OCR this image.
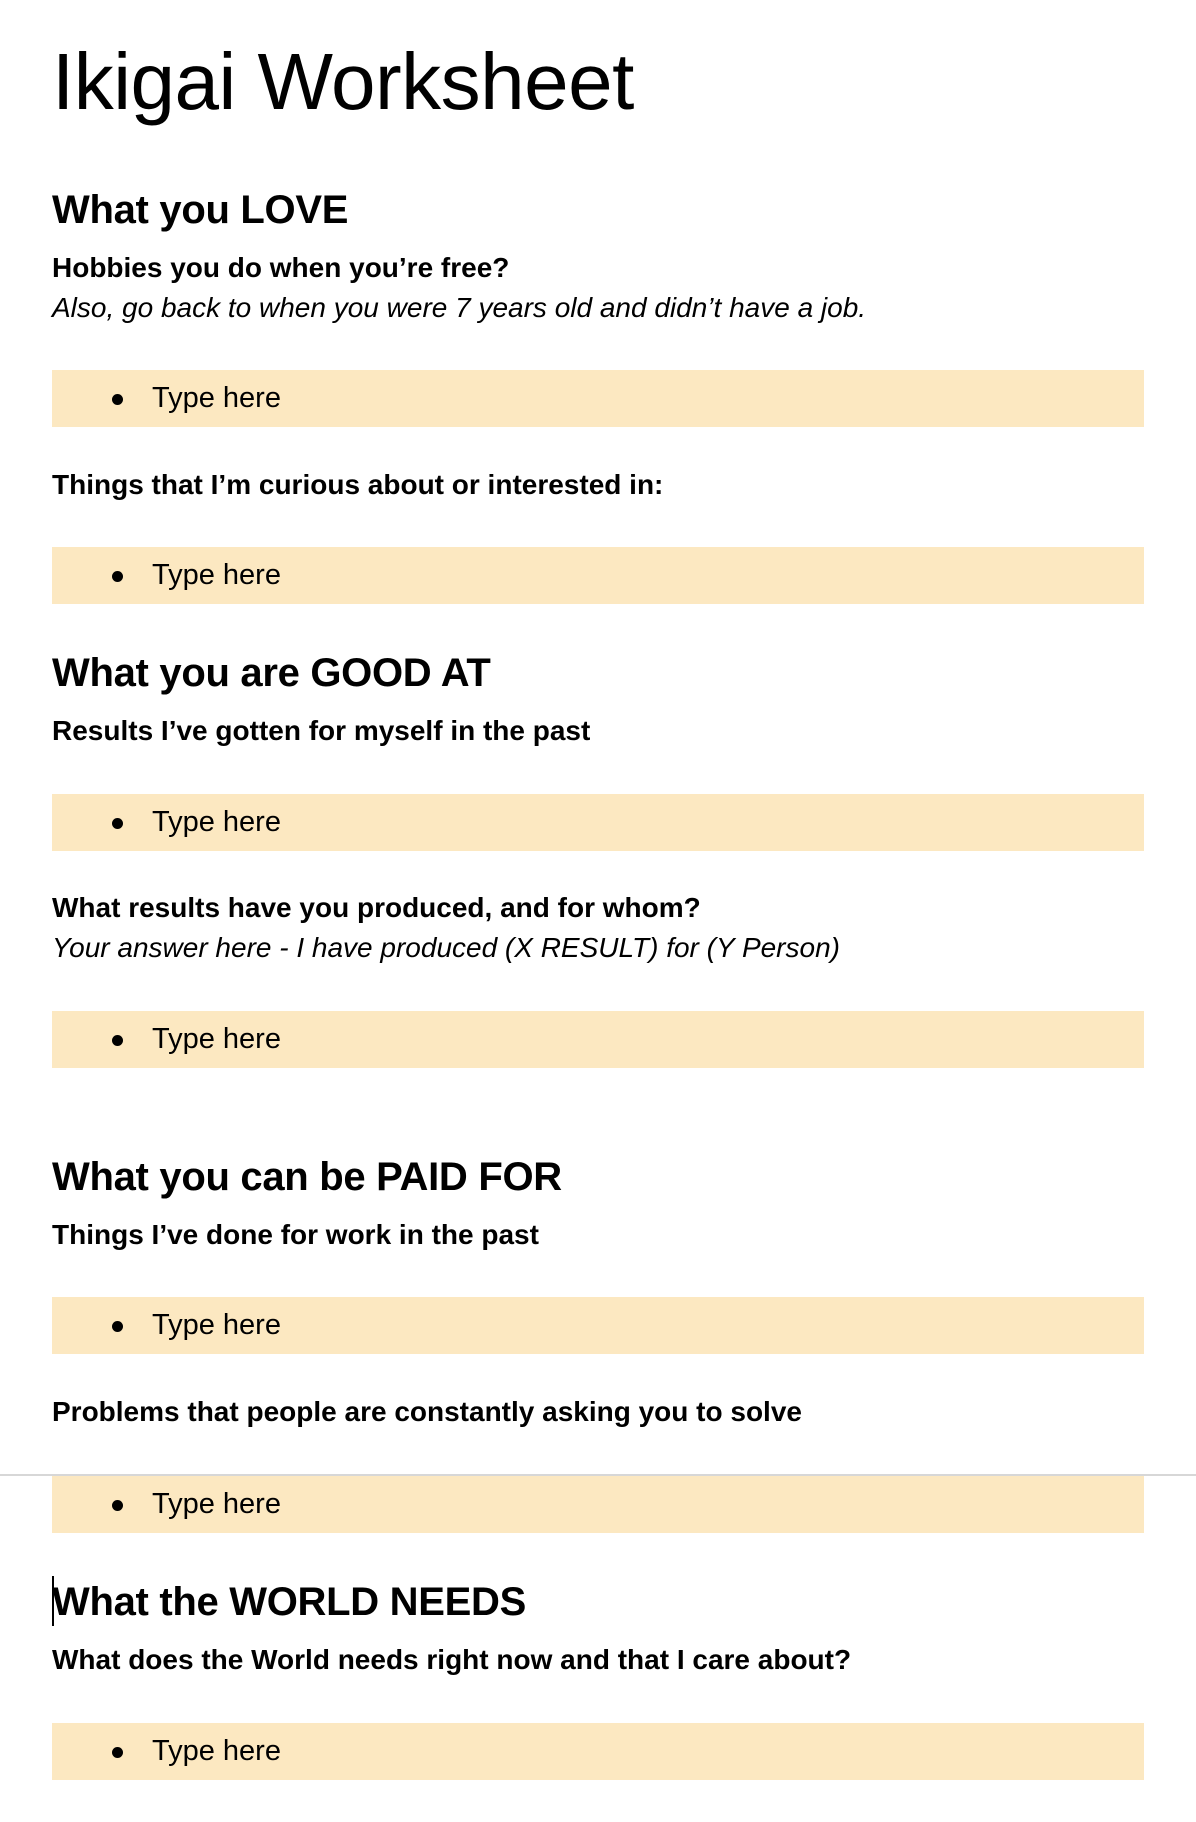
Ikigai Worksheet
What you LOVE
Hobbies you do when you’re free?
Also, go back to when you were 7 years old and didn’t have a job.
Type here
Things that I’m curious about or interested in:
Type here
What you are GOOD AT
Results I’ve gotten for myself in the past
Type here
What results have you produced, and for whom?
Your answer here - I have produced (X RESULT) for (Y Person)
Type here
What you can be PAID FOR
Things I’ve done for work in the past
Type here
Problems that people are constantly asking you to solve
Type here
What the WORLD NEEDS
What does the World needs right now and that I care about?
Type here
